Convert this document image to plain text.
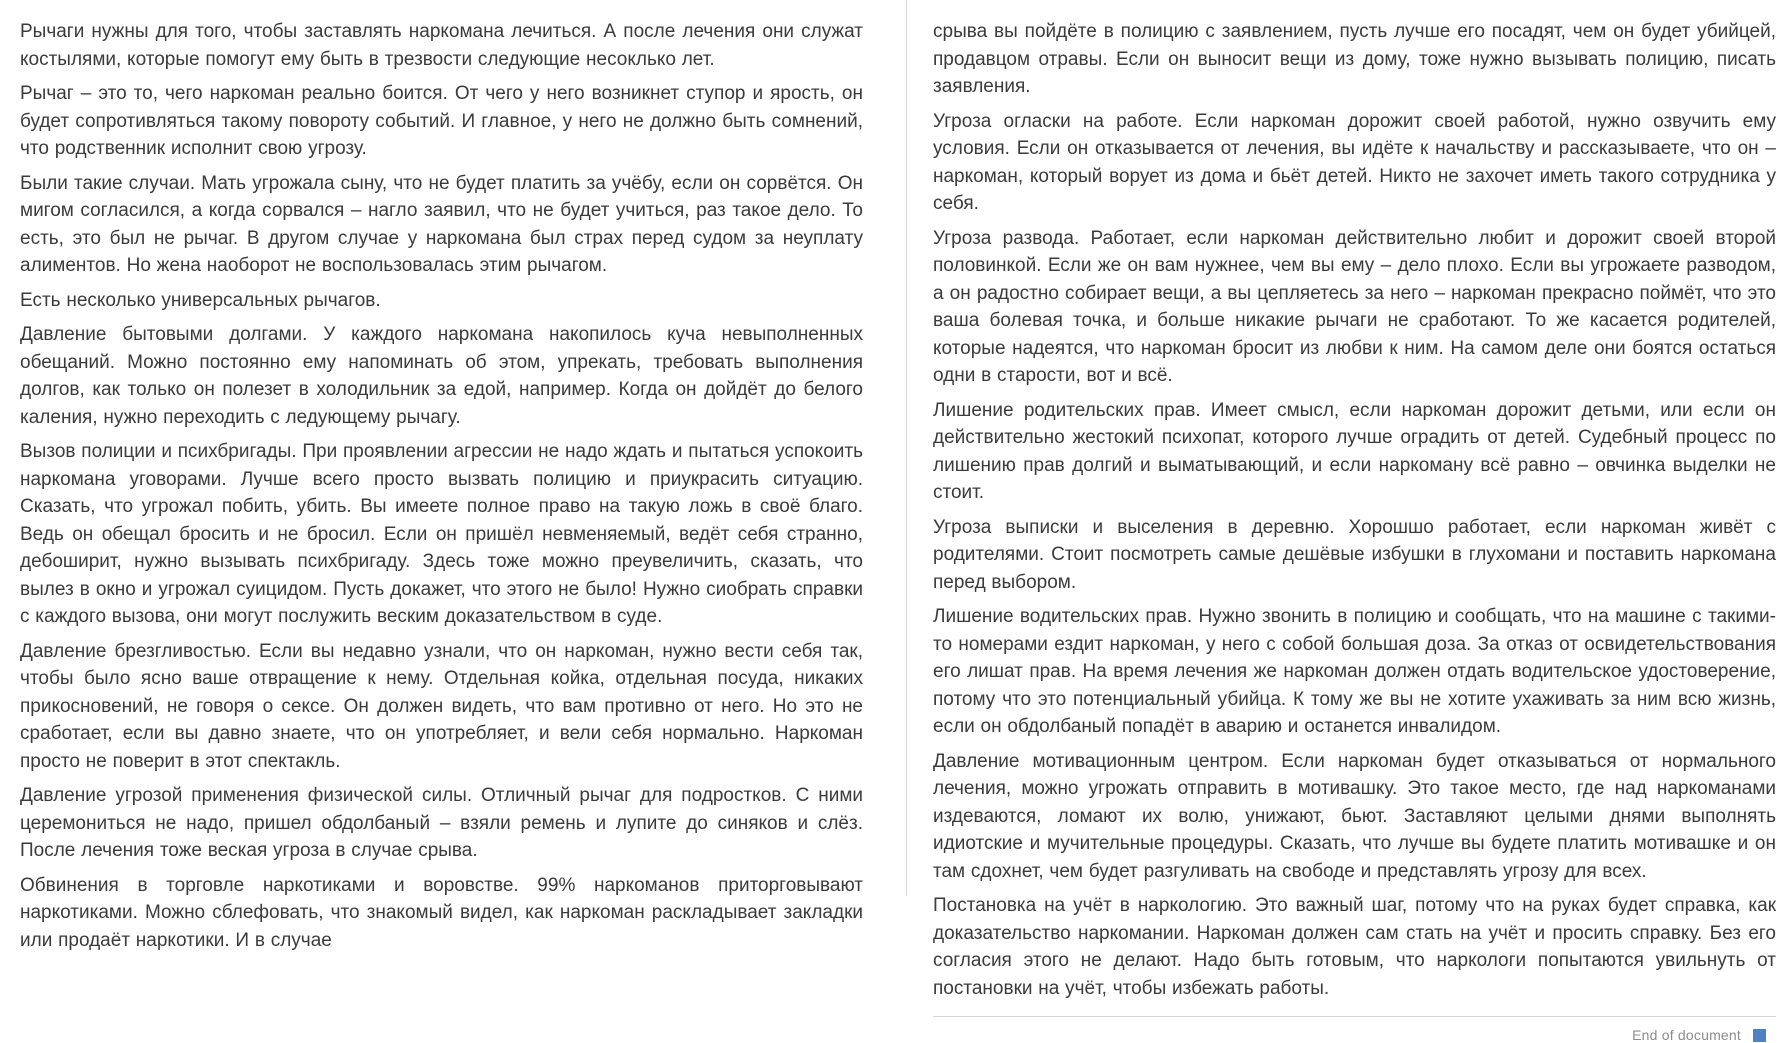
Рычаги нужны для того, чтобы заставлять наркомана лечиться. А после лечения они служат костылями, которые помогут ему быть в трезвости следующие несоклько лет.

Рычаг – это то, чего наркоман реально боится. От чего у него возникнет ступор и ярость, он будет сопротивляться такому повороту событий. И главное, у него не должно быть сомнений, что родственник исполнит свою угрозу.

Были такие случаи. Мать угрожала сыну, что не будет платить за учёбу, если он сорвётся. Он мигом согласился, а когда сорвался – нагло заявил, что не будет учиться, раз такое дело. То есть, это был не рычаг. В другом случае у наркомана был страх перед судом за неуплату алиментов. Но жена наоборот не воспользовалась этим рычагом.

Есть несколько универсальных рычагов.

Давление бытовыми долгами. У каждого наркомана накопилось куча невыполненных обещаний. Можно постоянно ему напоминать об этом, упрекать, требовать выполнения долгов, как только он полезет в холодильник за едой, например. Когда он дойдёт до белого каления, нужно переходить с ледующему рычагу.

Вызов полиции и психбригады. При проявлении агрессии не надо ждать и пытаться успокоить наркомана уговорами. Лучше всего просто вызвать полицию и приукрасить ситуацию. Сказать, что угрожал побить, убить. Вы имеете полное право на такую ложь в своё благо. Ведь он обещал бросить и не бросил. Если он пришёл невменяемый, ведёт себя странно, дебоширит, нужно вызывать психбригаду. Здесь тоже можно преувеличить, сказать, что вылез в окно и угрожал суицидом. Пусть докажет, что этого не было! Нужно сиобрать справки с каждого вызова, они могут послужить веским доказательством в суде.

Давление брезгливостью. Если вы недавно узнали, что он наркоман, нужно вести себя так, чтобы было ясно ваше отвращение к нему. Отдельная койка, отдельная посуда, никаких прикосновений, не говоря о сексе. Он должен видеть, что вам противно от него. Но это не сработает, если вы давно знаете, что он употребляет, и вели себя нормально. Наркоман просто не поверит в этот спектакль.

Давление угрозой применения физической силы. Отличный рычаг для подростков. С ними церемониться не надо, пришел обдолбаный – взяли ремень и лупите до синяков и слёз. После лечения тоже веская угроза в случае срыва.

Обвинения в торговле наркотиками и воровстве. 99% наркоманов приторговывают наркотиками. Можно сблефовать, что знакомый видел, как наркоман раскладывает закладки или продаёт наркотики. И в случае

срыва вы пойдёте в полицию с заявлением, пусть лучше его посадят, чем он будет убийцей, продавцом отравы. Если он выносит вещи из дому, тоже нужно вызывать полицию, писать заявления.

Угроза огласки на работе. Если наркоман дорожит своей работой, нужно озвучить ему условия. Если он отказывается от лечения, вы идёте к начальству и рассказываете, что он – наркоман, который ворует из дома и бьёт детей. Никто не захочет иметь такого сотрудника у себя.

Угроза развода. Работает, если наркоман действительно любит и дорожит своей второй половинкой. Если же он вам нужнее, чем вы ему – дело плохо. Если вы угрожаете разводом, а он радостно собирает вещи, а вы цепляетесь за него – наркоман прекрасно поймёт, что это ваша болевая точка, и больше никакие рычаги не сработают. То же касается родителей, которые надеятся, что наркоман бросит из любви к ним. На самом деле они боятся остаться одни в старости, вот и всё.

Лишение родительских прав. Имеет смысл, если наркоман дорожит детьми, или если он действительно жестокий психопат, которого лучше оградить от детей. Судебный процесс по лишению прав долгий и выматывающий, и если наркоману всё равно – овчинка выделки не стоит.

Угроза выписки и выселения в деревню. Хорошшо работает, если наркоман живёт с родителями. Стоит посмотреть самые дешёвые избушки в глухомани и поставить наркомана перед выбором.

Лишение водительских прав. Нужно звонить в полицию и сообщать, что на машине с такими-то номерами ездит наркоман, у него с собой большая доза. За отказ от освидетельствования его лишат прав. На время лечения же наркоман должен отдать водительское удостоверение, потому что это потенциальный убийца. К тому же вы не хотите ухаживать за ним всю жизнь, если он обдолбаный попадёт в аварию и останется инвалидом.

Давление мотивационным центром. Если наркоман будет отказываться от нормального лечения, можно угрожать отправить в мотивашку. Это такое место, где над наркоманами издеваются, ломают их волю, унижают, бьют. Заставляют целыми днями выполнять идиотские и мучительные процедуры. Сказать, что лучше вы будете платить мотивашке и он там сдохнет, чем будет разгуливать на свободе и представлять угрозу для всех.

Постановка на учёт в наркологию. Это важный шаг, потому что на руках будет справка, как доказательство наркомании. Наркоман должен сам стать на учёт и просить справку. Без его согласия этого не делают. Надо быть готовым, что наркологи попытаются увильнуть от постановки на учёт, чтобы избежать работы.

End of document
